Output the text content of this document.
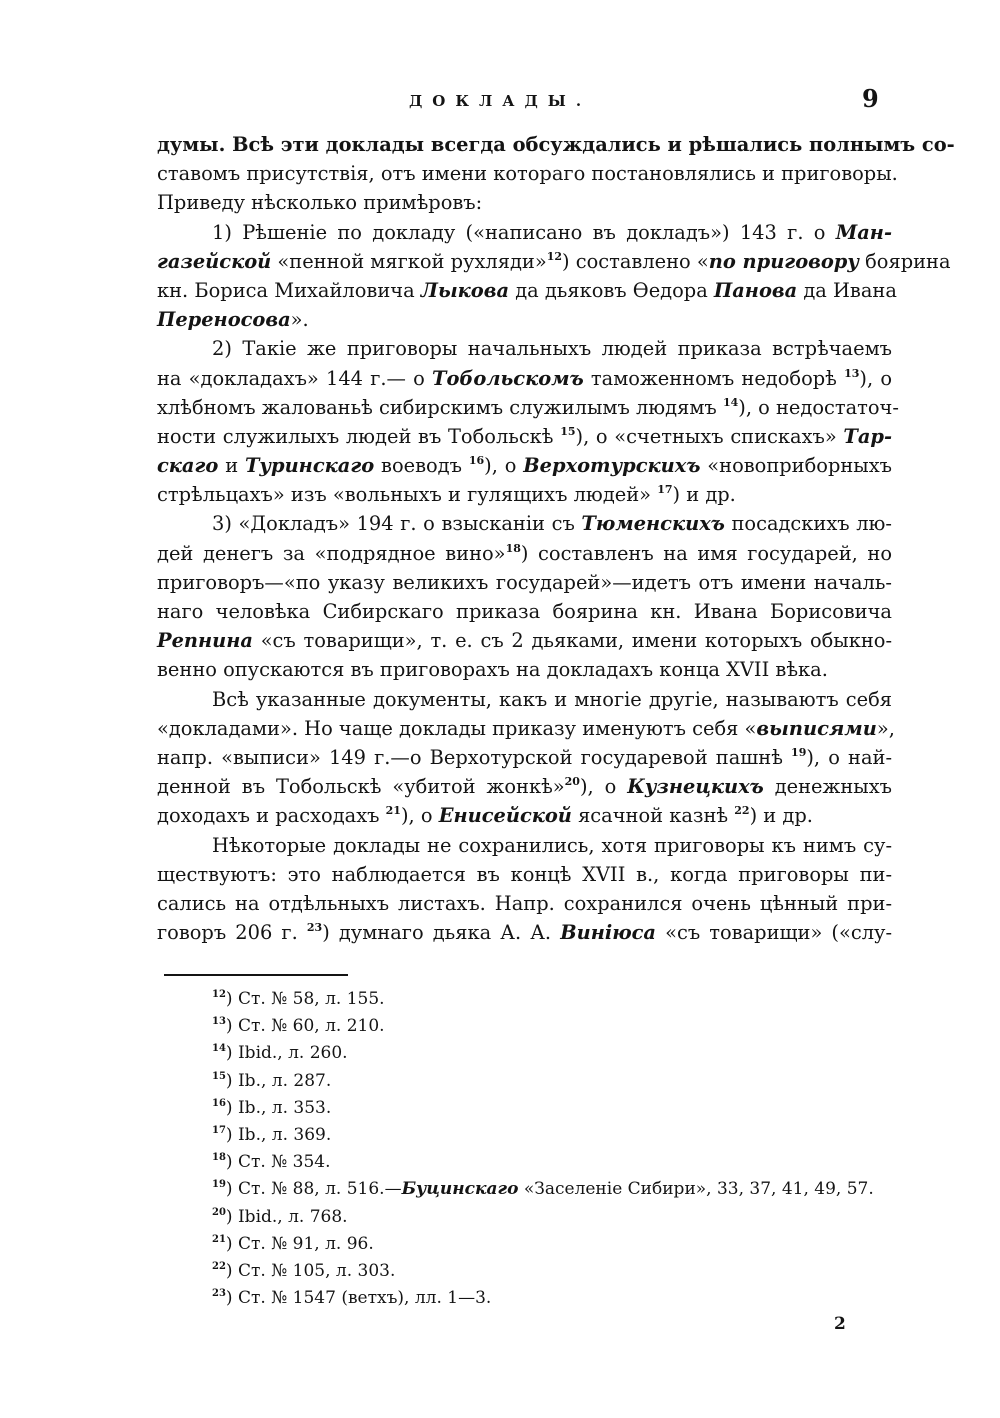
ДОКЛАДЫ.	9
думы. Всѣ эти доклады всегда обсуждались и рѣшались полнымъ со-
ставомъ присутствія, отъ имени котораго постановлялись и приговоры.
Приведу нѣсколько примѣровъ:
1) Рѣшеніе по докладу («написано въ докладъ») 143 г. о Ман-
газейской «пенной мягкой рухляди»$^{12}$) составлено «по приговору боярина
кн. Бориса Михайловича Лыкова да дьяковъ Ѳедора Панова да Ивана
Переносова».
2) Такіе же приговоры начальныхъ людей приказа встрѣчаемъ
на «докладахъ» 144 г.— о Тобольскомъ таможенномъ недоборѣ $^{13}$), о
хлѣбномъ жалованьѣ сибирскимъ служилымъ людямъ $^{14}$), о недостаточ-
ности служилыхъ людей въ Тобольскѣ $^{15}$), о «счетныхъ спискахъ» Тар-
скаго и Туринскаго воеводъ $^{16}$), о Верхотурскихъ «новоприборныхъ
стрѣльцахъ» изъ «вольныхъ и гулящихъ людей» $^{17}$) и др.
3) «Докладъ» 194 г. о взысканіи съ Тюменскихъ посадскихъ лю-
дей денегъ за «подрядное вино»$^{18}$) составленъ на имя государей, но
приговоръ—«по указу великихъ государей»—идетъ отъ имени началь-
наго человѣка Сибирскаго приказа боярина кн. Ивана Борисовича
Репнина «съ товарищи», т. е. съ 2 дьяками, имени которыхъ обыкно-
венно опускаются въ приговорахъ на докладахъ конца XVII вѣка.
Всѣ указанные документы, какъ и многіе другіе, называютъ себя
«докладами». Но чаще доклады приказу именуютъ себя «выписями»,
напр. «выписи» 149 г.—о Верхотурской государевой пашнѣ $^{19}$), о най-
денной въ Тобольскѣ «убитой жонкѣ»$^{20}$), о Кузнецкихъ денежныхъ
доходахъ и расходахъ $^{21}$), о Енисейской ясачной казнѣ $^{22}$) и др.
Нѣкоторые доклады не сохранились, хотя приговоры къ нимъ су-
ществуютъ: это наблюдается въ концѣ XVII в., когда приговоры пи-
сались на отдѣльныхъ листахъ. Напр. сохранился очень цѣнный при-
говоръ 206 г. $^{23}$) думнаго дьяка А. А. Виніюса «съ товарищи» («слу-
$^{12}$) Ст. № 58, л. 155.
$^{13}$) Ст. № 60, л. 210.
$^{14}$) Ibid., л. 260.
$^{15}$) Ib., л. 287.
$^{16}$) Ib., л. 353.
$^{17}$) Ib., л. 369.
$^{18}$) Ст. № 354.
$^{19}$) Ст. № 88, л. 516.—Буцинскаго «Заселеніе Сибири», 33, 37, 41, 49, 57.
$^{20}$) Ibid., л. 768.
$^{21}$) Ст. № 91, л. 96.
$^{22}$) Ст. № 105, л. 303.
$^{23}$) Ст. № 1547 (ветхъ), лл. 1—3.
2
